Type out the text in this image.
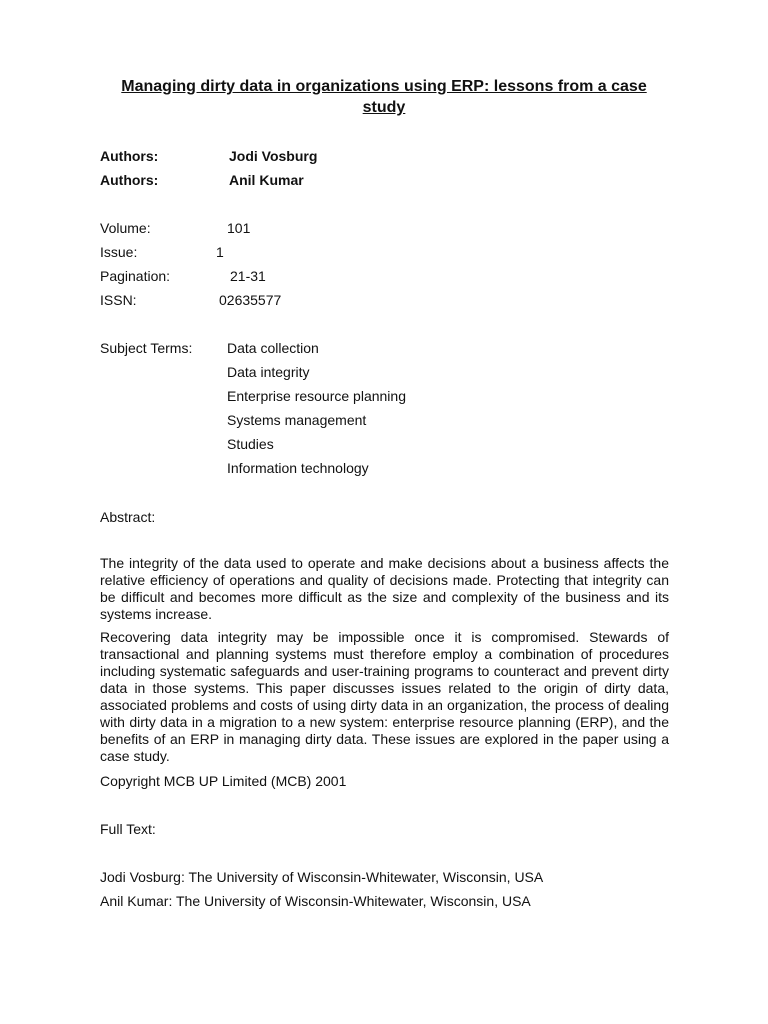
Managing dirty data in organizations using ERP: lessons from a case study
Authors:	Jodi Vosburg
Authors:	Anil Kumar
Volume:	101
Issue:	1
Pagination:	21-31
ISSN:	02635577
Subject Terms: Data collection
Data integrity
Enterprise resource planning
Systems management
Studies
Information technology
Abstract:

The integrity of the data used to operate and make decisions about a business affects the relative efficiency of operations and quality of decisions made. Protecting that integrity can be difficult and becomes more difficult as the size and complexity of the business and its systems increase.

Recovering data integrity may be impossible once it is compromised. Stewards of transactional and planning systems must therefore employ a combination of procedures including systematic safeguards and user-training programs to counteract and prevent dirty data in those systems. This paper discusses issues related to the origin of dirty data, associated problems and costs of using dirty data in an organization, the process of dealing with dirty data in a migration to a new system: enterprise resource planning (ERP), and the benefits of an ERP in managing dirty data. These issues are explored in the paper using a case study.

Copyright MCB UP Limited (MCB) 2001
Full Text:
Jodi Vosburg: The University of Wisconsin-Whitewater, Wisconsin, USA
Anil Kumar: The University of Wisconsin-Whitewater, Wisconsin, USA
